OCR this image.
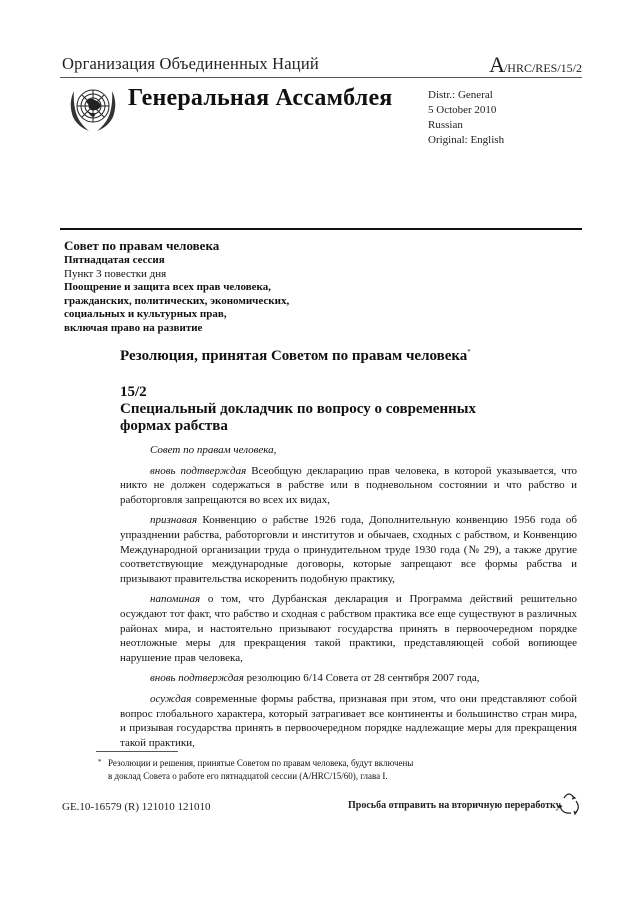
Организация Объединенных Наций	A/HRC/RES/15/2
Генеральная Ассамблея	Distr.: General
5 October 2010
Russian
Original: English
Совет по правам человека
Пятнадцатая сессия
Пункт 3 повестки дня
Поощрение и защита всех прав человека,
гражданских, политических, экономических,
социальных и культурных прав,
включая право на развитие
Резолюция, принятая Советом по правам человека*
15/2
Специальный докладчик по вопросу о современных
формах рабства

Совет по правам человека,

вновь подтверждая Всеобщую декларацию прав человека, в которой указывается, что никто не должен содержаться в рабстве или в подневольном состоянии и что рабство и работорговля запрещаются во всех их видах,

признавая Конвенцию о рабстве 1926 года, Дополнительную конвенцию 1956 года об упразднении рабства, работорговли и институтов и обычаев, сходных с рабством, и Конвенцию Международной организации труда о принудительном труде 1930 года (№ 29), а также другие соответствующие международные договоры, которые запрещают все формы рабства и призывают правительства искоренить подобную практику,

напоминая о том, что Дурбанская декларация и Программа действий решительно осуждают тот факт, что рабство и сходная с рабством практика все еще существуют в различных районах мира, и настоятельно призывают государства принять в первоочередном порядке неотложные меры для прекращения такой практики, представляющей собой вопиющее нарушение прав человека,

вновь подтверждая резолюцию 6/14 Совета от 28 сентября 2007 года,

осуждая современные формы рабства, признавая при этом, что они представляют собой вопрос глобального характера, который затрагивает все континенты и большинство стран мира, и призывая государства принять в первоочередном порядке надлежащие меры для прекращения такой практики,

* Резолюции и решения, принятые Советом по правам человека, будут включены
в доклад Совета о работе его пятнадцатой сессии (A/HRC/15/60), глава I.
GE.10-16579 (R) 121010 121010	Просьба отправить на вторичную переработку
